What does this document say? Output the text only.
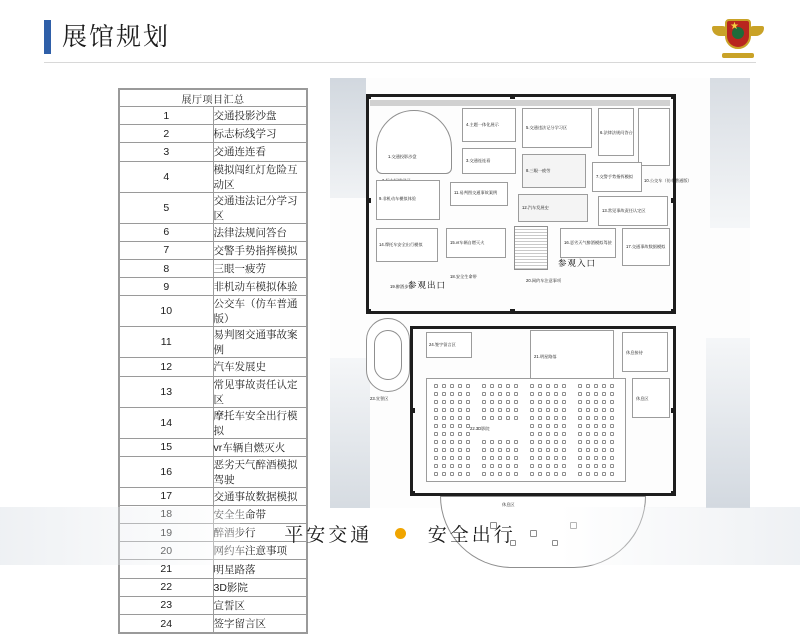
展馆规划	★
展厅项目汇总	
1	交通投影沙盘
2	标志标线学习
3	交通连连看
4	模拟闯红灯危险互动区
5	交通违法记分学习区
6	法律法规问答台
7	交警手势指挥模拟
8	三眼一疲劳
9	非机动车模拟体验
10	公交车（仿车普通版）
11	易判图交通事故案例
12	汽车发展史
13	常见事故责任认定区
14	摩托车安全出行模拟
15	vr车辆自燃灭火
16	恶劣天气醉酒模拟驾驶
17	交通事故数据模拟
18	安全生命带
19	醉酒步行
20	网约车注意事项
21	明星路落
22	3D影院
23	宣誓区
24	签字留言区
1.交通投影沙盘
4.主题一体化展示
5.交通违法记分学习区
6.法律法规问答台
3.交通连连看
8.三眼一疲劳
7.交警手势指挥模拟
10.公交车（仿车普通版）
9.非机动车模拟体验
11.易判图交通事故案例
12.汽车发展史
13.常见事故责任认定区
14.摩托车安全出行模拟	15.vr车辆自燃灭火	16.恶劣天气醉酒模拟驾驶
17.交通事故数据模拟
18.安全生命带
19.醉酒步行
20.网约车注意事项
参观入口
参观出口
23.宣誓区
24.签字留言区
21.明星路落
休息接待
22.3D影院
休息区
休息区
平安交通	安全出行
